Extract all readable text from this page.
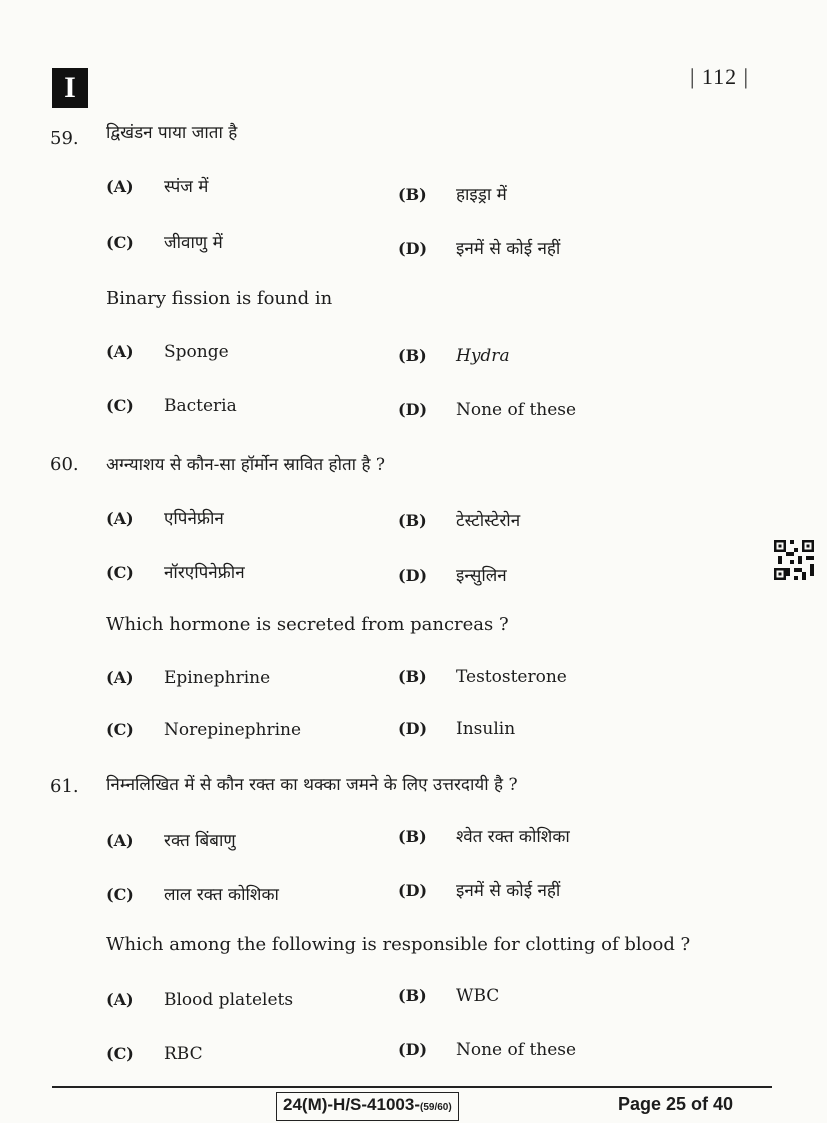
I	| 112 |
59. द्विखंडन पाया जाता है
(A) स्पंज में	(B) हाइड्रा में
(C) जीवाणु में	(D) इनमें से कोई नहीं
Binary fission is found in
(A) Sponge	(B) Hydra
(C) Bacteria	(D) None of these
60. अग्न्याशय से कौन-सा हॉर्मोन स्रावित होता है ?
(A) एपिनेफ्रीन	(B) टेस्टोस्टेरोन
(C) नॉरएपिनेफ्रीन	(D) इन्सुलिन
Which hormone is secreted from pancreas ?
(A) Epinephrine	(B) Testosterone
(C) Norepinephrine	(D) Insulin
61. निम्नलिखित में से कौन रक्त का थक्का जमने के लिए उत्तरदायी है ?
(A) रक्त बिंबाणु	(B) श्वेत रक्त कोशिका
(C) लाल रक्त कोशिका	(D) इनमें से कोई नहीं
Which among the following is responsible for clotting of blood ?
(A) Blood platelets	(B) WBC
(C) RBC	(D) None of these
24(M)-H/S-41003-(59/60)	Page 25 of 40
